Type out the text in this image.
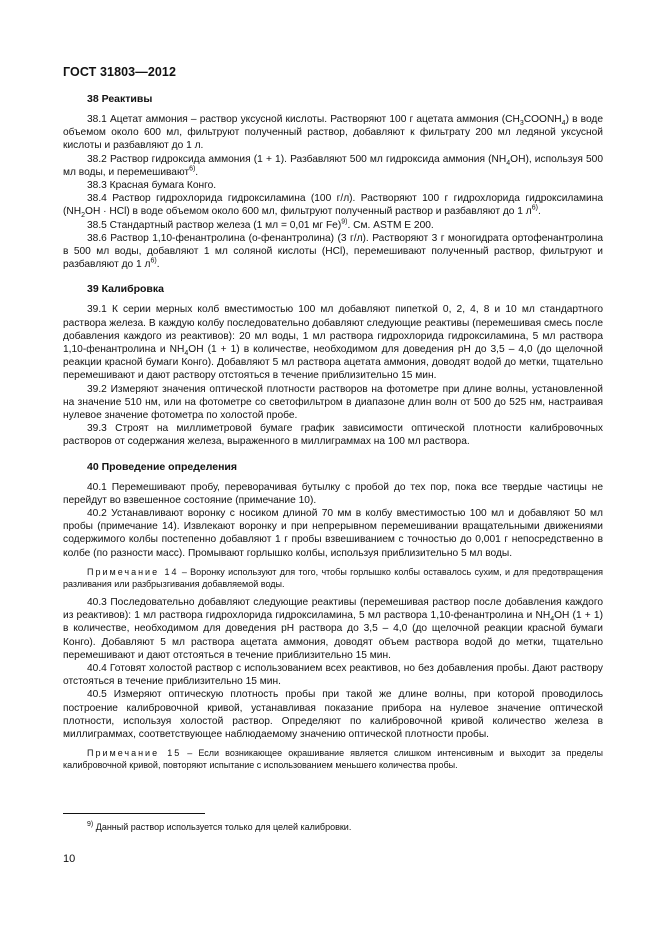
ГОСТ 31803—2012
38 Реактивы

38.1 Ацетат аммония – раствор уксусной кислоты. Растворяют 100 г ацетата аммония $(CH_3COONH_4)$ в воде объемом около 600 мл, фильтруют полученный раствор, добавляют к фильтрату 200 мл ледяной уксусной кислоты и разбавляют до 1 л.

38.2 Раствор гидроксида аммония (1 + 1). Разбавляют 500 мл гидроксида аммония $(NH_4OH)$, используя 500 мл воды, и перемешивают$^{6)}$.

38.3 Красная бумага Конго.

38.4 Раствор гидрохлорида гидроксиламина (100 г/л). Растворяют 100 г гидрохлорида гидроксиламина $(NH_2OH \cdot HCl)$ в воде объемом около 600 мл, фильтруют полученный раствор и разбавляют до 1 $л^{6)}$.

38.5 Стандартный раствор железа (1 мл = 0,01 мг Fe)$^{9)}$. См. ASTM E 200.

38.6 Раствор 1,10-фенантролина (о-фенантролина) (3 г/л). Растворяют 3 г моногидрата ортофенантролина в 500 мл воды, добавляют 1 мл соляной кислоты (HCl), перемешивают полученный раствор, фильтруют и разбавляют до 1 $л^{6)}$.

39 Калибровка

39.1 К серии мерных колб вместимостью 100 мл добавляют пипеткой 0, 2, 4, 8 и 10 мл стандартного раствора железа. В каждую колбу последовательно добавляют следующие реактивы (перемешивая смесь после добавления каждого из реактивов): 20 мл воды, 1 мл раствора гидрохлорида гидроксиламина, 5 мл раствора 1,10-фенантролина и $NH_4OH$ (1 + 1) в количестве, необходимом для доведения pH до 3,5 – 4,0 (до щелочной реакции красной бумаги Конго). Добавляют 5 мл раствора ацетата аммония, доводят водой до метки, тщательно перемешивают и дают раствору отстояться в течение приблизительно 15 мин.

39.2 Измеряют значения оптической плотности растворов на фотометре при длине волны, установленной на значение 510 нм, или на фотометре со светофильтром в диапазоне длин волн от 500 до 525 нм, настраивая нулевое значение фотометра по холостой пробе.

39.3 Строят на миллиметровой бумаге график зависимости оптической плотности калибровочных растворов от содержания железа, выраженного в миллиграммах на 100 мл раствора.

40 Проведение определения

40.1 Перемешивают пробу, переворачивая бутылку с пробой до тех пор, пока все твердые частицы не перейдут во взвешенное состояние (примечание 10).

40.2 Устанавливают воронку с носиком длиной 70 мм в колбу вместимостью 100 мл и добавляют 50 мл пробы (примечание 14). Извлекают воронку и при непрерывном перемешивании вращательными движениями содержимого колбы постепенно добавляют 1 г пробы взвешиванием с точностью до 0,001 г непосредственно в колбе (по разности масс). Промывают горлышко колбы, используя приблизительно 5 мл воды.

Примечание 14 – Воронку используют для того, чтобы горлышко колбы оставалось сухим, и для предотвращения разливания или разбрызгивания добавляемой воды.

40.3 Последовательно добавляют следующие реактивы (перемешивая раствор после добавления каждого из реактивов): 1 мл раствора гидрохлорида гидроксиламина, 5 мл раствора 1,10-фенантролина и $NH_4OH$ (1 + 1) в количестве, необходимом для доведения pH раствора до 3,5 – 4,0 (до щелочной реакции красной бумаги Конго). Добавляют 5 мл раствора ацетата аммония, доводят объем раствора водой до метки, тщательно перемешивают и дают отстояться в течение приблизительно 15 мин.

40.4 Готовят холостой раствор с использованием всех реактивов, но без добавления пробы. Дают раствору отстояться в течение приблизительно 15 мин.

40.5 Измеряют оптическую плотность пробы при такой же длине волны, при которой проводилось построение калибровочной кривой, устанавливая показание прибора на нулевое значение оптической плотности, используя холостой раствор. Определяют по калибровочной кривой количество железа в миллиграммах, соответствующее наблюдаемому значению оптической плотности пробы.

Примечание 15 – Если возникающее окрашивание является слишком интенсивным и выходит за пределы калибровочной кривой, повторяют испытание с использованием меньшего количества пробы.

$^{9)}$ Данный раствор используется только для целей калибровки.
10
